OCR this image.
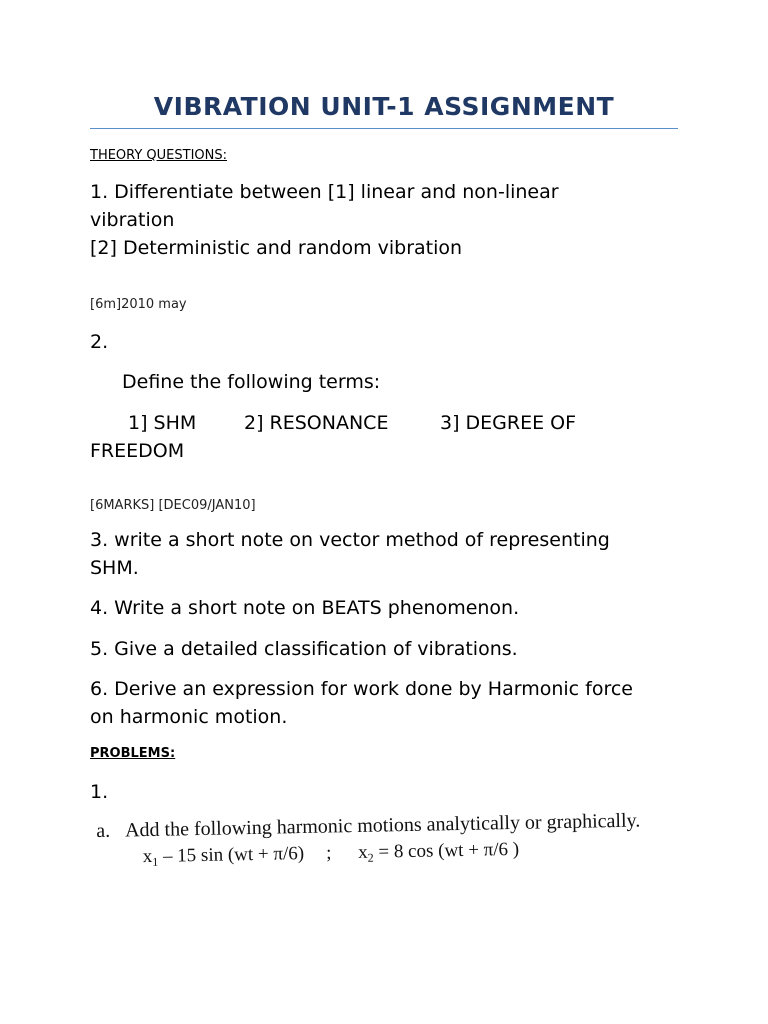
VIBRATION UNIT-1 ASSIGNMENT

THEORY QUESTIONS:

1. Differentiate between [1] linear and non-linear

vibration

[2] Deterministic and random vibration

[6m]2010 may

2.

Define the following terms:

1] SHM	2] RESONANCE	3] DEGREE OF

FREEDOM

[6MARKS] [DEC09/JAN10]

3. write a short note on vector method of representing

SHM.

4. Write a short note on BEATS phenomenon.

5. Give a detailed classification of vibrations.

6. Derive an expression for work done by Harmonic force

on harmonic motion.

PROBLEMS:

1.

a. Add the following harmonic motions analytically or graphically.
$x_1 - 15$ sin (wt + π/6) ; $x_2 = 8$ cos (wt + π/6 )
